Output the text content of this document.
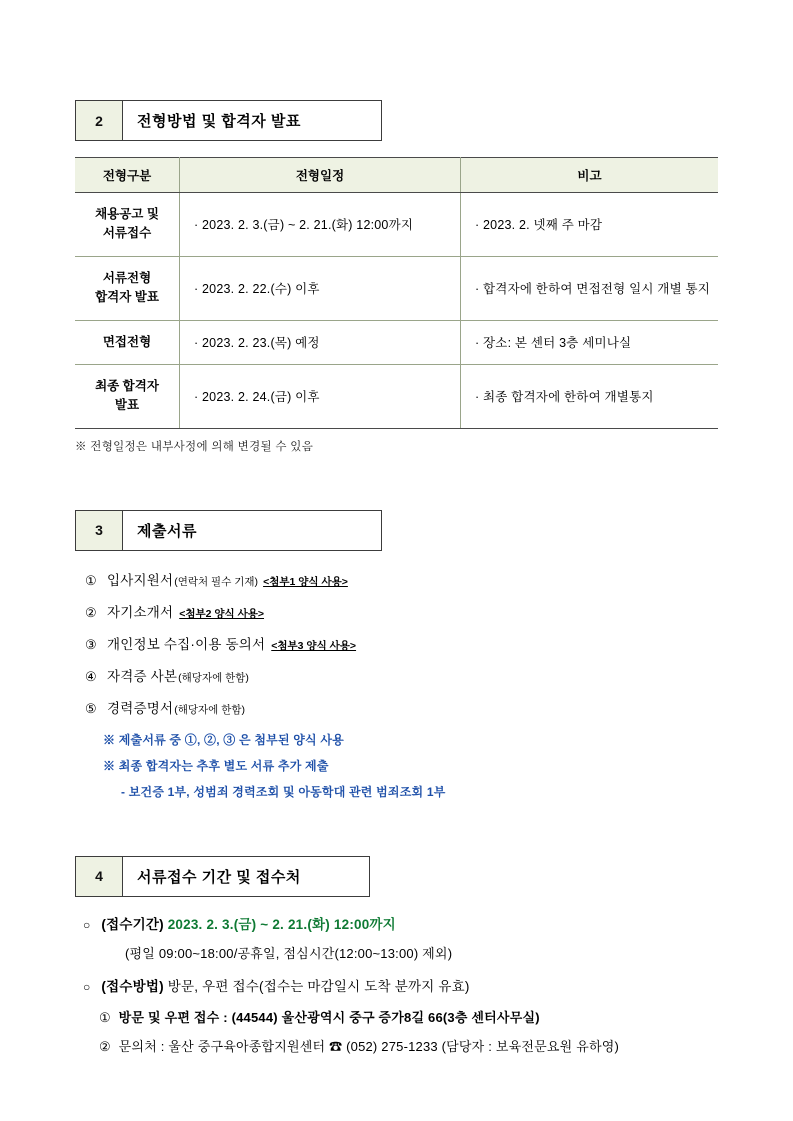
2	전형방법 및 합격자 발표
전형구분	전형일정	비고
채용공고 및
서류접수	· 2023. 2. 3.(금) ~ 2. 21.(화) 12:00까지	· 2023. 2. 넷째 주 마감
서류전형
합격자 발표	· 2023. 2. 22.(수) 이후	· 합격자에 한하여 면접전형 일시 개별 통지
면접전형	· 2023. 2. 23.(목) 예정	· 장소: 본 센터 3층 세미나실
최종 합격자
발표	· 2023. 2. 24.(금) 이후	· 최종 합격자에 한하여 개별통지
※ 전형일정은 내부사정에 의해 변경될 수 있음
3	제출서류
① 입사지원서 (연락처 필수 기재) <첨부1 양식 사용>
② 자기소개서 <첨부2 양식 사용>
③ 개인정보 수집·이용 동의서 <첨부3 양식 사용>
④ 자격증 사본 (해당자에 한함)
⑤ 경력증명서 (해당자에 한함)
※ 제출서류 중 ①, ②, ③ 은 첨부된 양식 사용
※ 최종 합격자는 추후 별도 서류 추가 제출
- 보건증 1부, 성범죄 경력조회 및 아동학대 관련 범죄조회 1부
4	서류접수 기간 및 접수처
○ (접수기간) 2023. 2. 3.(금) ~ 2. 21.(화) 12:00까지
(평일 09:00~18:00/공휴일, 점심시간(12:00~13:00) 제외)
○ (접수방법) 방문, 우편 접수(접수는 마감일시 도착 분까지 유효)
① 방문 및 우편 접수 : (44544) 울산광역시 중구 증가8길 66(3층 센터사무실)
② 문의처 : 울산 중구육아종합지원센터 ☎ (052) 275-1233 (담당자 : 보육전문요원 유하영)
